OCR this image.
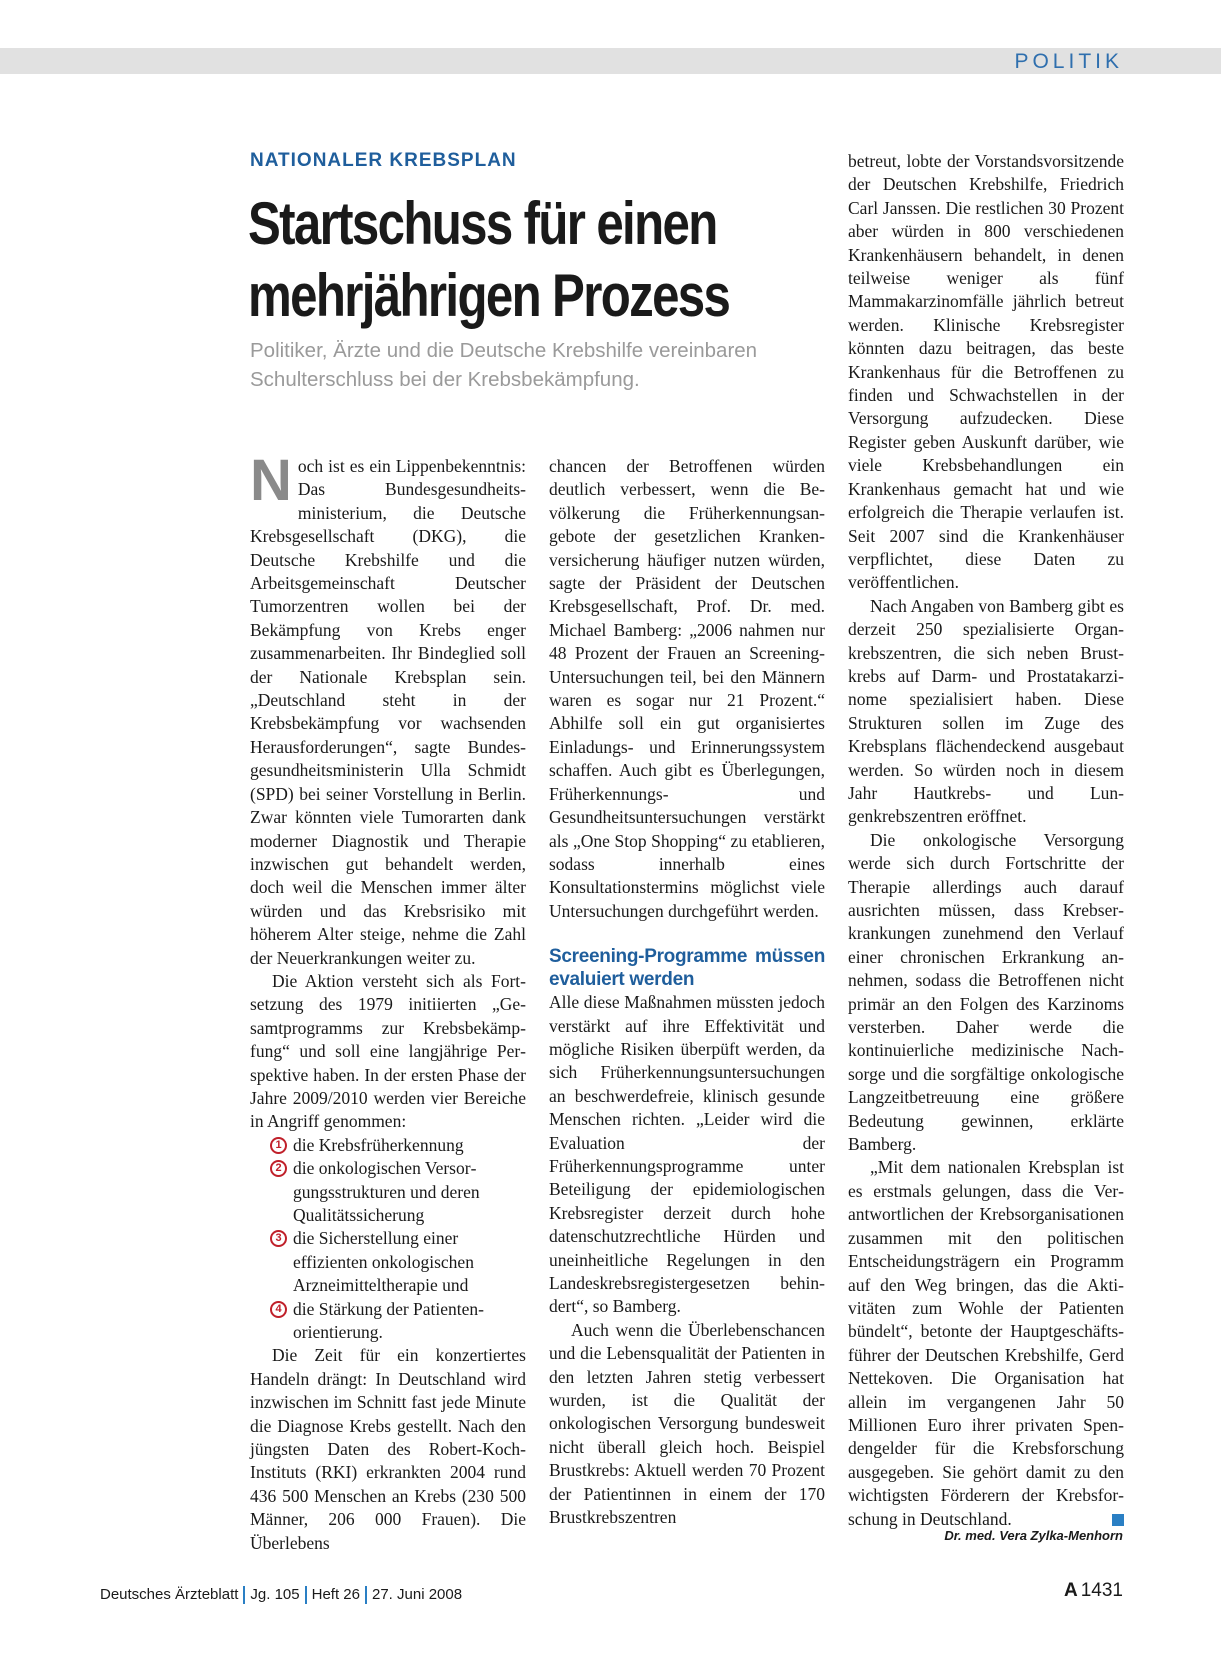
POLITIK
NATIONALER KREBSPLAN
Startschuss für einen mehrjährigen Prozess
Politiker, Ärzte und die Deutsche Krebshilfe vereinbaren Schulterschluss bei der Krebsbekämpfung.

Noch ist es ein Lippenbekenntnis: Das Bundesgesundheitsministerium, die Deutsche Krebsgesellschaft (DKG), die Deutsche Krebshilfe und die Arbeitsgemeinschaft Deutscher Tumorzentren wollen bei der Bekämpfung von Krebs enger zusammenarbeiten. Ihr Bindeglied soll der Nationale Krebsplan sein. „Deutschland steht in der Krebsbekämpfung vor wachsenden Herausforderungen“, sagte Bundesgesundheitsministerin Ulla Schmidt (SPD) bei seiner Vorstellung in Berlin. Zwar könnten viele Tumorarten dank moderner Diagnostik und Therapie inzwischen gut behandelt werden, doch weil die Menschen immer älter würden und das Krebsrisiko mit höherem Alter steige, nehme die Zahl der Neuerkrankungen weiter zu.

Die Aktion versteht sich als Fortsetzung des 1979 initiierten „Gesamtprogramms zur Krebsbekämpfung“ und soll eine langjährige Perspektive haben. In der ersten Phase der Jahre 2009/2010 werden vier Bereiche in Angriff genommen:

1 die Krebsfrüherkennung
2 die onkologischen Versorgungsstrukturen und deren Qualitätssicherung
3 die Sicherstellung einer effizienten onkologischen Arzneimitteltherapie und
4 die Stärkung der Patientenorientierung.

Die Zeit für ein konzertiertes Handeln drängt: In Deutschland wird inzwischen im Schnitt fast jede Minute die Diagnose Krebs gestellt. Nach den jüngsten Daten des Robert-Koch-Instituts (RKI) erkrankten 2004 rund 436 500 Menschen an Krebs (230 500 Männer, 206 000 Frauen). Die Überlebens

chancen der Betroffenen würden deutlich verbessert, wenn die Bevölkerung die Früherkennungsangebote der gesetzlichen Krankenversicherung häufiger nutzen würden, sagte der Präsident der Deutschen Krebsgesellschaft, Prof. Dr. med. Michael Bamberg: „2006 nahmen nur 48 Prozent der Frauen an Screening-Untersuchungen teil, bei den Männern waren es sogar nur 21 Prozent.“ Abhilfe soll ein gut organisiertes Einladungs- und Erinnerungssystem schaffen. Auch gibt es Überlegungen, Früherkennungs- und Gesundheitsuntersuchungen verstärkt als „One Stop Shopping“ zu etablieren, sodass innerhalb eines Konsultationstermins möglichst viele Untersuchungen durchgeführt werden.

Screening-Programme müssen evaluiert werden

Alle diese Maßnahmen müssten jedoch verstärkt auf ihre Effektivität und mögliche Risiken überpüft werden, da sich Früherkennungsuntersuchungen an beschwerdefreie, klinisch gesunde Menschen richten. „Leider wird die Evaluation der Früherkennungsprogramme unter Beteiligung der epidemiologischen Krebsregister derzeit durch hohe datenschutzrechtliche Hürden und uneinheitliche Regelungen in den Landeskrebsregistergesetzen behindert“, so Bamberg.

Auch wenn die Überlebenschancen und die Lebensqualität der Patienten in den letzten Jahren stetig verbessert wurden, ist die Qualität der onkologischen Versorgung bundesweit nicht überall gleich hoch. Beispiel Brustkrebs: Aktuell werden 70 Prozent der Patientinnen in einem der 170 Brustkrebszentren

betreut, lobte der Vorstandsvorsitzende der Deutschen Krebshilfe, Friedrich Carl Janssen. Die restlichen 30 Prozent aber würden in 800 verschiedenen Krankenhäusern behandelt, in denen teilweise weniger als fünf Mammakarzinomfälle jährlich betreut werden. Klinische Krebsregister könnten dazu beitragen, das beste Krankenhaus für die Betroffenen zu finden und Schwachstellen in der Versorgung aufzudecken. Diese Register geben Auskunft darüber, wie viele Krebsbehandlungen ein Krankenhaus gemacht hat und wie erfolgreich die Therapie verlaufen ist. Seit 2007 sind die Krankenhäuser verpflichtet, diese Daten zu veröffentlichen.

Nach Angaben von Bamberg gibt es derzeit 250 spezialisierte Organkrebszentren, die sich neben Brustkrebs auf Darm- und Prostatakarzinome spezialisiert haben. Diese Strukturen sollen im Zuge des Krebsplans flächendeckend ausgebaut werden. So würden noch in diesem Jahr Hautkrebs- und Lungenkrebszentren eröffnet.

Die onkologische Versorgung werde sich durch Fortschritte der Therapie allerdings auch darauf ausrichten müssen, dass Krebserkrankungen zunehmend den Verlauf einer chronischen Erkrankung annehmen, sodass die Betroffenen nicht primär an den Folgen des Karzinoms versterben. Daher werde die kontinuierliche medizinische Nachsorge und die sorgfältige onkologische Langzeitbetreuung eine größere Bedeutung gewinnen, erklärte Bamberg.

„Mit dem nationalen Krebsplan ist es erstmals gelungen, dass die Verantwortlichen der Krebsorganisationen zusammen mit den politischen Entscheidungsträgern ein Programm auf den Weg bringen, das die Aktivitäten zum Wohle der Patienten bündelt“, betonte der Hauptgeschäftsführer der Deutschen Krebshilfe, Gerd Nettekoven. Die Organisation hat allein im vergangenen Jahr 50 Millionen Euro ihrer privaten Spendengelder für die Krebsforschung ausgegeben. Sie gehört damit zu den wichtigsten Förderern der Krebsforschung in Deutschland.

Dr. med. Vera Zylka-Menhorn
Deutsches Ärzteblatt Jg. 105 Heft 26 27. Juni 2008	A 1431
